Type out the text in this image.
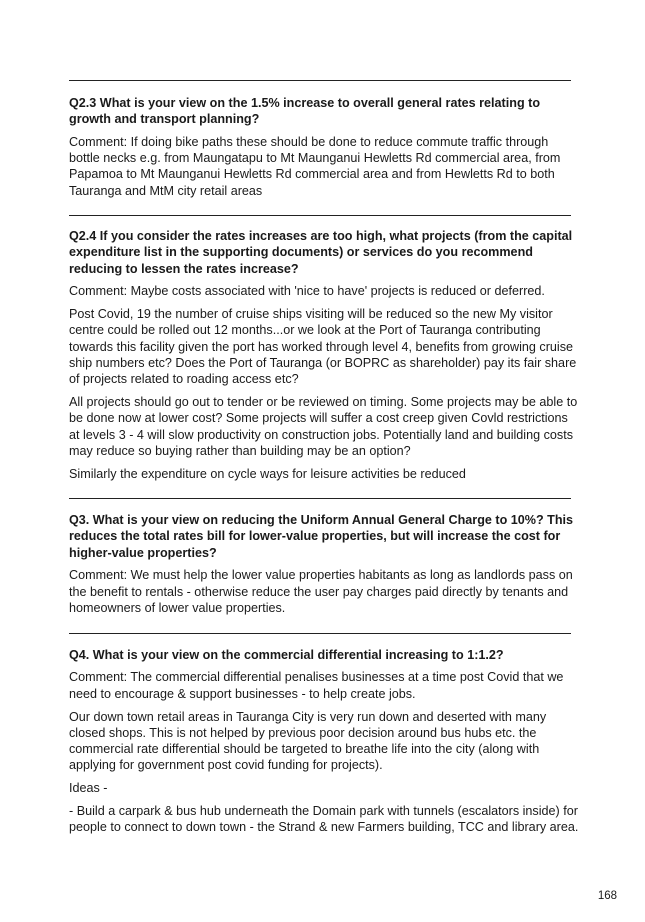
Q2.3 What is your view on the 1.5% increase to overall general rates relating to growth and transport planning?
Comment: If doing bike paths these should be done to reduce commute traffic through bottle necks e.g. from Maungatapu to Mt Maunganui Hewletts Rd commercial area, from Papamoa to Mt Maunganui Hewletts Rd commercial area and from Hewletts Rd to both Tauranga and MtM city retail areas
Q2.4 If you consider the rates increases are too high, what projects (from the capital expenditure list in the supporting documents) or services do you recommend reducing to lessen the rates increase?
Comment: Maybe costs associated with 'nice to have' projects is reduced or deferred.
Post Covid, 19 the number of cruise ships visiting will be reduced so the new My visitor centre could be rolled out 12 months...or we look at the Port of Tauranga contributing towards this facility given the port has worked through level 4, benefits from growing cruise ship numbers etc? Does the Port of Tauranga (or BOPRC as shareholder) pay its fair share of projects related to roading access etc?
All projects should go out to tender or be reviewed on timing. Some projects may be able to be done now at lower cost? Some projects will suffer a cost creep given Covld restrictions at levels 3 - 4 will slow productivity on construction jobs. Potentially land and building costs may reduce so buying rather than building may be an option?
Similarly the expenditure on cycle ways for leisure activities be reduced
Q3. What is your view on reducing the Uniform Annual General Charge to 10%? This reduces the total rates bill for lower-value properties, but will increase the cost for higher-value properties?
Comment: We must help the lower value properties habitants as long as landlords pass on the benefit to rentals - otherwise reduce the user pay charges paid directly by tenants and homeowners of lower value properties.
Q4. What is your view on the commercial differential increasing to 1:1.2?
Comment: The commercial differential penalises businesses at a time post Covid that we need to encourage & support businesses - to help create jobs.
Our down town retail areas in Tauranga City is very run down and deserted with many closed shops. This is not helped by previous poor decision around bus hubs etc. the commercial rate differential should be targeted to breathe life into the city (along with applying for government post covid funding for projects).
Ideas -
- Build a carpark & bus hub underneath the Domain park with tunnels (escalators inside) for people to connect to down town - the Strand & new Farmers building, TCC and library area.
168
